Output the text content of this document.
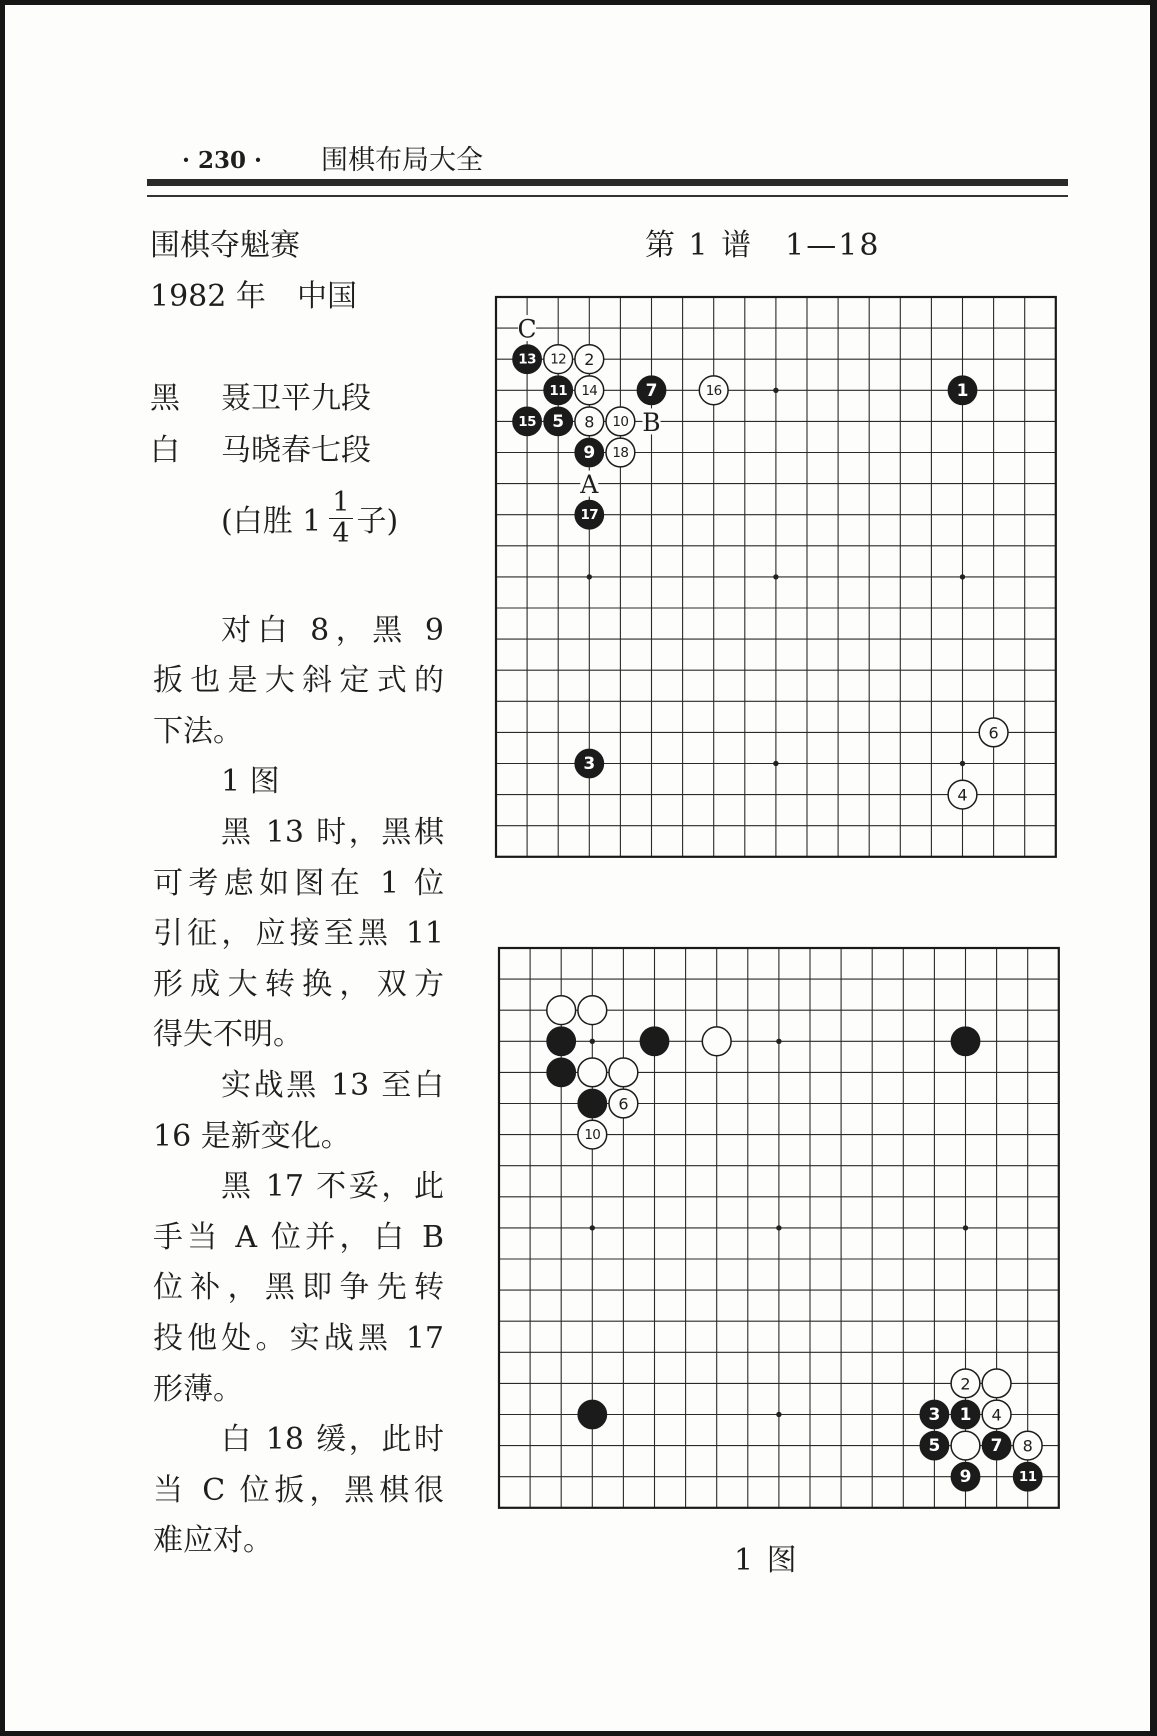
· 230 · 围棋布局大全
围棋夺魁赛
1982 年 中国
黑 聂卫平九段
白 马晓春七段
(白胜 $1 \frac{1}{4}$ 子)
对白 8，黑 9
扳也是大斜定式的
下法。
1 图
黑 13 时，黑棋
可考虑如图在 1 位
引征，应接至黑 11
形成大转换，双方
得失不明。
实战黑 13 至白
16 是新变化。
黑 17 不妥，此
手当 A 位并，白 B
位补，黑即争先转
投他处。实战黑 17
形薄。
白 18 缓，此时
当 C 位扳，黑棋很
难应对。
第 1 谱　1—18
C
B
A
13 12 2
11 14	7	16	1
15 5 8 10
9 18
17
6
3
4
6
10
2
3 1 4
5	7 8
9	11
1 图
